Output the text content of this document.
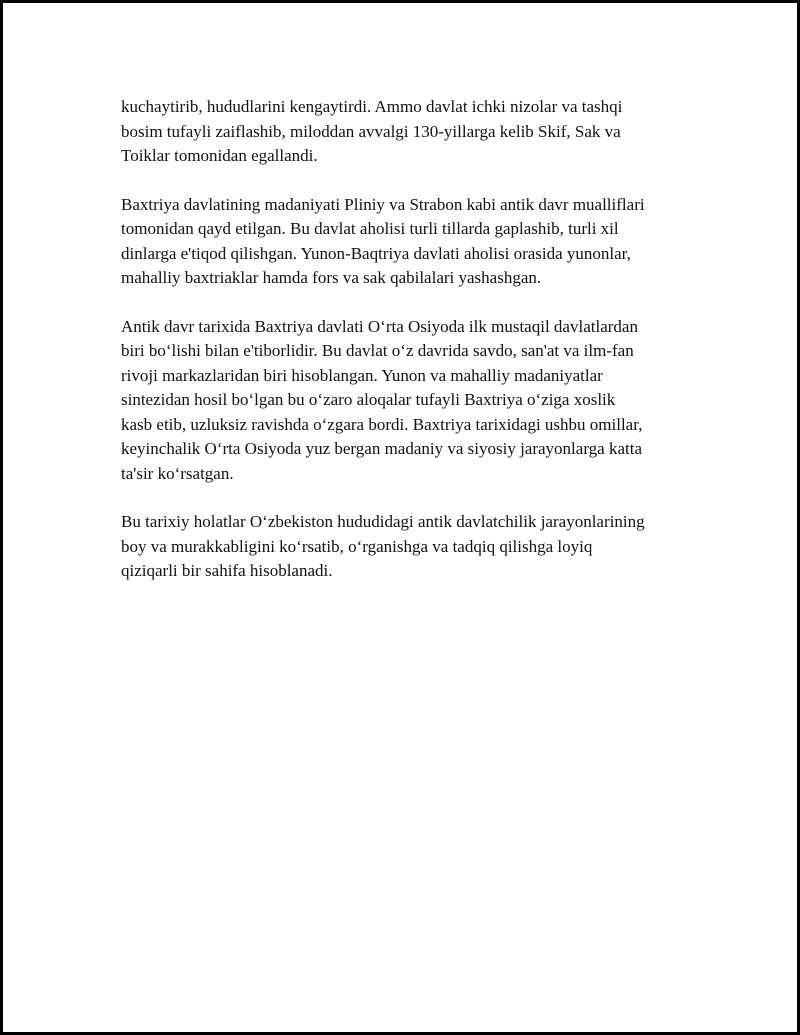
kuchaytirib, hududlarini kengaytirdi. Ammo davlat ichki nizolar va tashqi
bosim tufayli zaiflashib, miloddan avvalgi 130-yillarga kelib Skif, Sak va
Toiklar tomonidan egallandi.

Baxtriya davlatining madaniyati Pliniy va Strabon kabi antik davr mualliflari
tomonidan qayd etilgan. Bu davlat aholisi turli tillarda gaplashib, turli xil
dinlarga e'tiqod qilishgan. Yunon-Baqtriya davlati aholisi orasida yunonlar,
mahalliy baxtriaklar hamda fors va sak qabilalari yashashgan.

Antik davr tarixida Baxtriya davlati O‘rta Osiyoda ilk mustaqil davlatlardan
biri bo‘lishi bilan e'tiborlidir. Bu davlat o‘z davrida savdo, san'at va ilm-fan
rivoji markazlaridan biri hisoblangan. Yunon va mahalliy madaniyatlar
sintezidan hosil bo‘lgan bu o‘zaro aloqalar tufayli Baxtriya o‘ziga xoslik
kasb etib, uzluksiz ravishda o‘zgara bordi. Baxtriya tarixidagi ushbu omillar,
keyinchalik O‘rta Osiyoda yuz bergan madaniy va siyosiy jarayonlarga katta
ta'sir ko‘rsatgan.

Bu tarixiy holatlar O‘zbekiston hududidagi antik davlatchilik jarayonlarining
boy va murakkabligini ko‘rsatib, o‘rganishga va tadqiq qilishga loyiq
qiziqarli bir sahifa hisoblanadi.
